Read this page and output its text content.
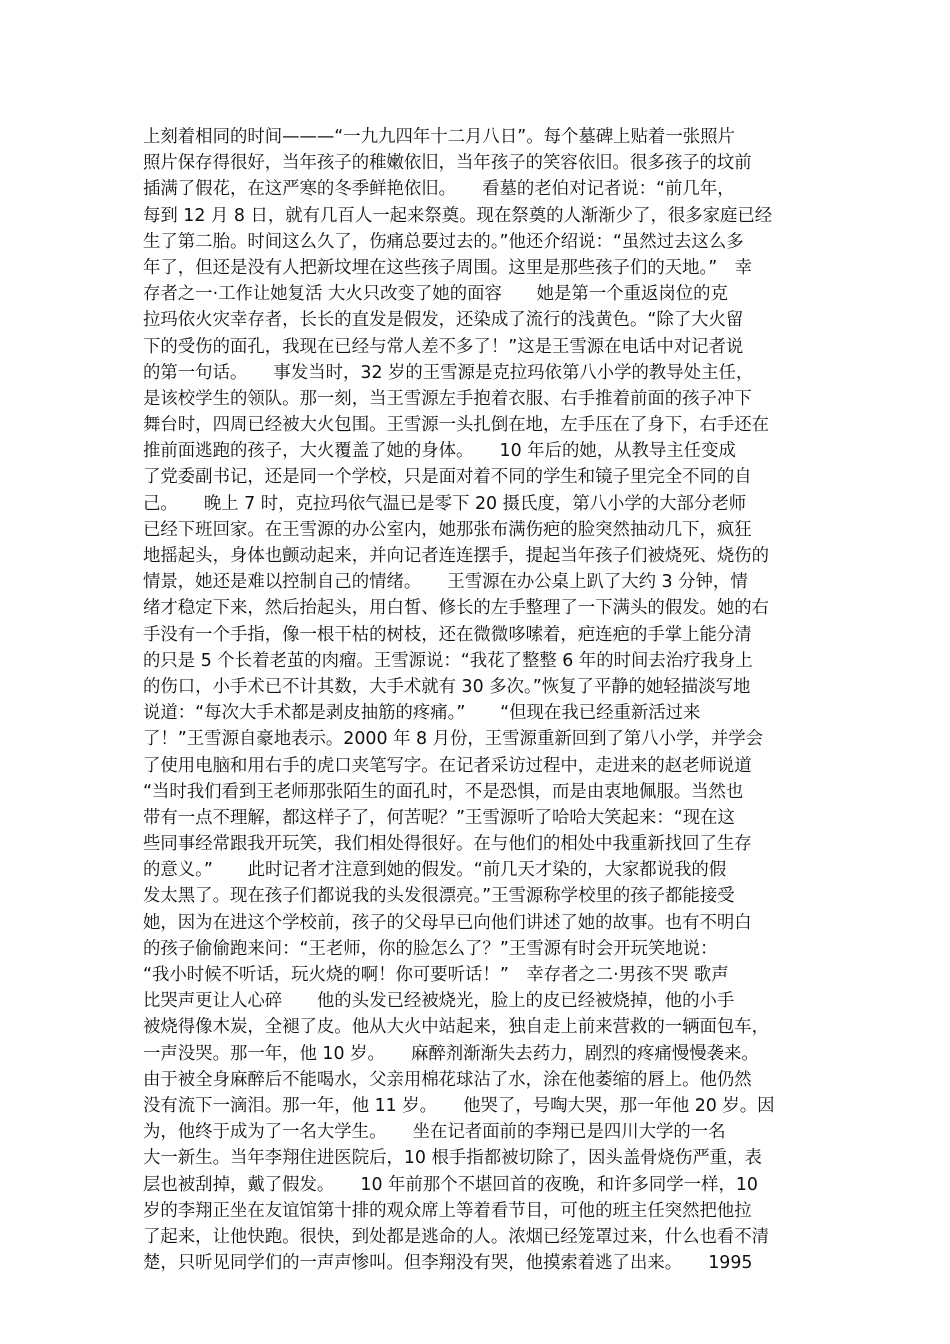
上刻着相同的时间———“一九九四年十二月八日”。每个墓碑上贴着一张照片
照片保存得很好，当年孩子的稚嫩依旧，当年孩子的笑容依旧。很多孩子的坟前
插满了假花，在这严寒的冬季鲜艳依旧。　　看墓的老伯对记者说：“前几年，
每到 12 月 8 日，就有几百人一起来祭奠。现在祭奠的人渐渐少了，很多家庭已经
生了第二胎。时间这么久了，伤痛总要过去的。”他还介绍说：“虽然过去这么多
年了，但还是没有人把新坟埋在这些孩子周围。这里是那些孩子们的天地。”　幸
存者之一·工作让她复活 大火只改变了她的面容　　她是第一个重返岗位的克
拉玛依火灾幸存者，长长的直发是假发，还染成了流行的浅黄色。“除了大火留
下的受伤的面孔，我现在已经与常人差不多了！”这是王雪源在电话中对记者说
的第一句话。　　事发当时，32 岁的王雪源是克拉玛依第八小学的教导处主任，
是该校学生的领队。那一刻，当王雪源左手抱着衣服、右手推着前面的孩子冲下
舞台时，四周已经被大火包围。王雪源一头扎倒在地，左手压在了身下，右手还在
推前面逃跑的孩子，大火覆盖了她的身体。　　10 年后的她，从教导主任变成
了党委副书记，还是同一个学校，只是面对着不同的学生和镜子里完全不同的自
己。　　晚上 7 时，克拉玛依气温已是零下 20 摄氏度，第八小学的大部分老师
已经下班回家。在王雪源的办公室内，她那张布满伤疤的脸突然抽动几下，疯狂
地摇起头，身体也颤动起来，并向记者连连摆手，提起当年孩子们被烧死、烧伤的
情景，她还是难以控制自己的情绪。　　王雪源在办公桌上趴了大约 3 分钟，情
绪才稳定下来，然后抬起头，用白皙、修长的左手整理了一下满头的假发。她的右
手没有一个手指，像一根干枯的树枝，还在微微哆嗦着，疤连疤的手掌上能分清
的只是 5 个长着老茧的肉瘤。王雪源说：“我花了整整 6 年的时间去治疗我身上
的伤口，小手术已不计其数，大手术就有 30 多次。”恢复了平静的她轻描淡写地
说道：“每次大手术都是剥皮抽筋的疼痛。”　　“但现在我已经重新活过来
了！”王雪源自豪地表示。2000 年 8 月份，王雪源重新回到了第八小学，并学会
了使用电脑和用右手的虎口夹笔写字。在记者采访过程中，走进来的赵老师说道
“当时我们看到王老师那张陌生的面孔时，不是恐惧，而是由衷地佩服。当然也
带有一点不理解，都这样子了，何苦呢？”王雪源听了哈哈大笑起来：“现在这
些同事经常跟我开玩笑，我们相处得很好。在与他们的相处中我重新找回了生存
的意义。”　　此时记者才注意到她的假发。“前几天才染的，大家都说我的假
发太黑了。现在孩子们都说我的头发很漂亮。”王雪源称学校里的孩子都能接受
她，因为在进这个学校前，孩子的父母早已向他们讲述了她的故事。也有不明白
的孩子偷偷跑来问：“王老师，你的脸怎么了？”王雪源有时会开玩笑地说：
“我小时候不听话，玩火烧的啊！你可要听话！”　幸存者之二·男孩不哭 歌声
比哭声更让人心碎　　他的头发已经被烧光，脸上的皮已经被烧掉，他的小手
被烧得像木炭，全褪了皮。他从大火中站起来，独自走上前来营救的一辆面包车，
一声没哭。那一年，他 10 岁。　　麻醉剂渐渐失去药力，剧烈的疼痛慢慢袭来。
由于被全身麻醉后不能喝水，父亲用棉花球沾了水，涂在他萎缩的唇上。他仍然
没有流下一滴泪。那一年，他 11 岁。　　他哭了，号啕大哭，那一年他 20 岁。因
为，他终于成为了一名大学生。　　坐在记者面前的李翔已是四川大学的一名
大一新生。当年李翔住进医院后，10 根手指都被切除了，因头盖骨烧伤严重，表
层也被刮掉，戴了假发。　　10 年前那个不堪回首的夜晚，和许多同学一样，10
岁的李翔正坐在友谊馆第十排的观众席上等着看节目，可他的班主任突然把他拉
了起来，让他快跑。很快，到处都是逃命的人。浓烟已经笼罩过来，什么也看不清
楚，只听见同学们的一声声惨叫。但李翔没有哭，他摸索着逃了出来。　　1995
